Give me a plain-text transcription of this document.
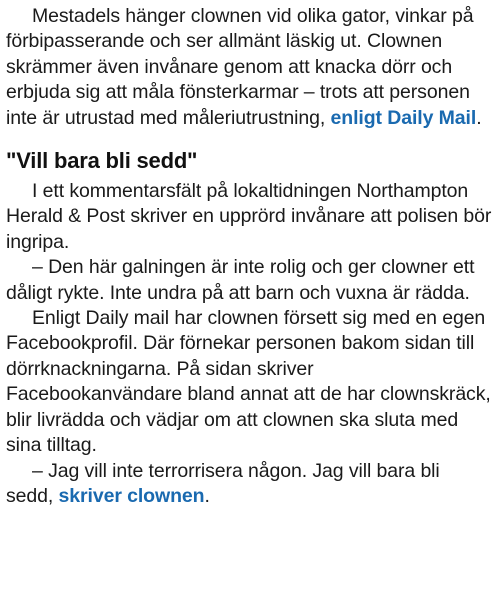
Mestadels hänger clownen vid olika gator, vinkar på förbipasserande och ser allmänt läskig ut. Clownen skrämmer även invånare genom att knacka dörr och erbjuda sig att måla fönsterkarmar – trots att personen inte är utrustad med måleriutrustning, enligt Daily Mail.

"Vill bara bli sedd"

I ett kommentarsfält på lokaltidningen Northampton Herald & Post skriver en upprörd invånare att polisen bör ingripa.

– Den här galningen är inte rolig och ger clowner ett dåligt rykte. Inte undra på att barn och vuxna är rädda.

Enligt Daily mail har clownen försett sig med en egen Facebookprofil. Där förnekar personen bakom sidan till dörrknackningarna. På sidan skriver Facebookanvändare bland annat att de har clownskräck, blir livrädda och vädjar om att clownen ska sluta med sina tilltag.

– Jag vill inte terrorrisera någon. Jag vill bara bli sedd, skriver clownen.
